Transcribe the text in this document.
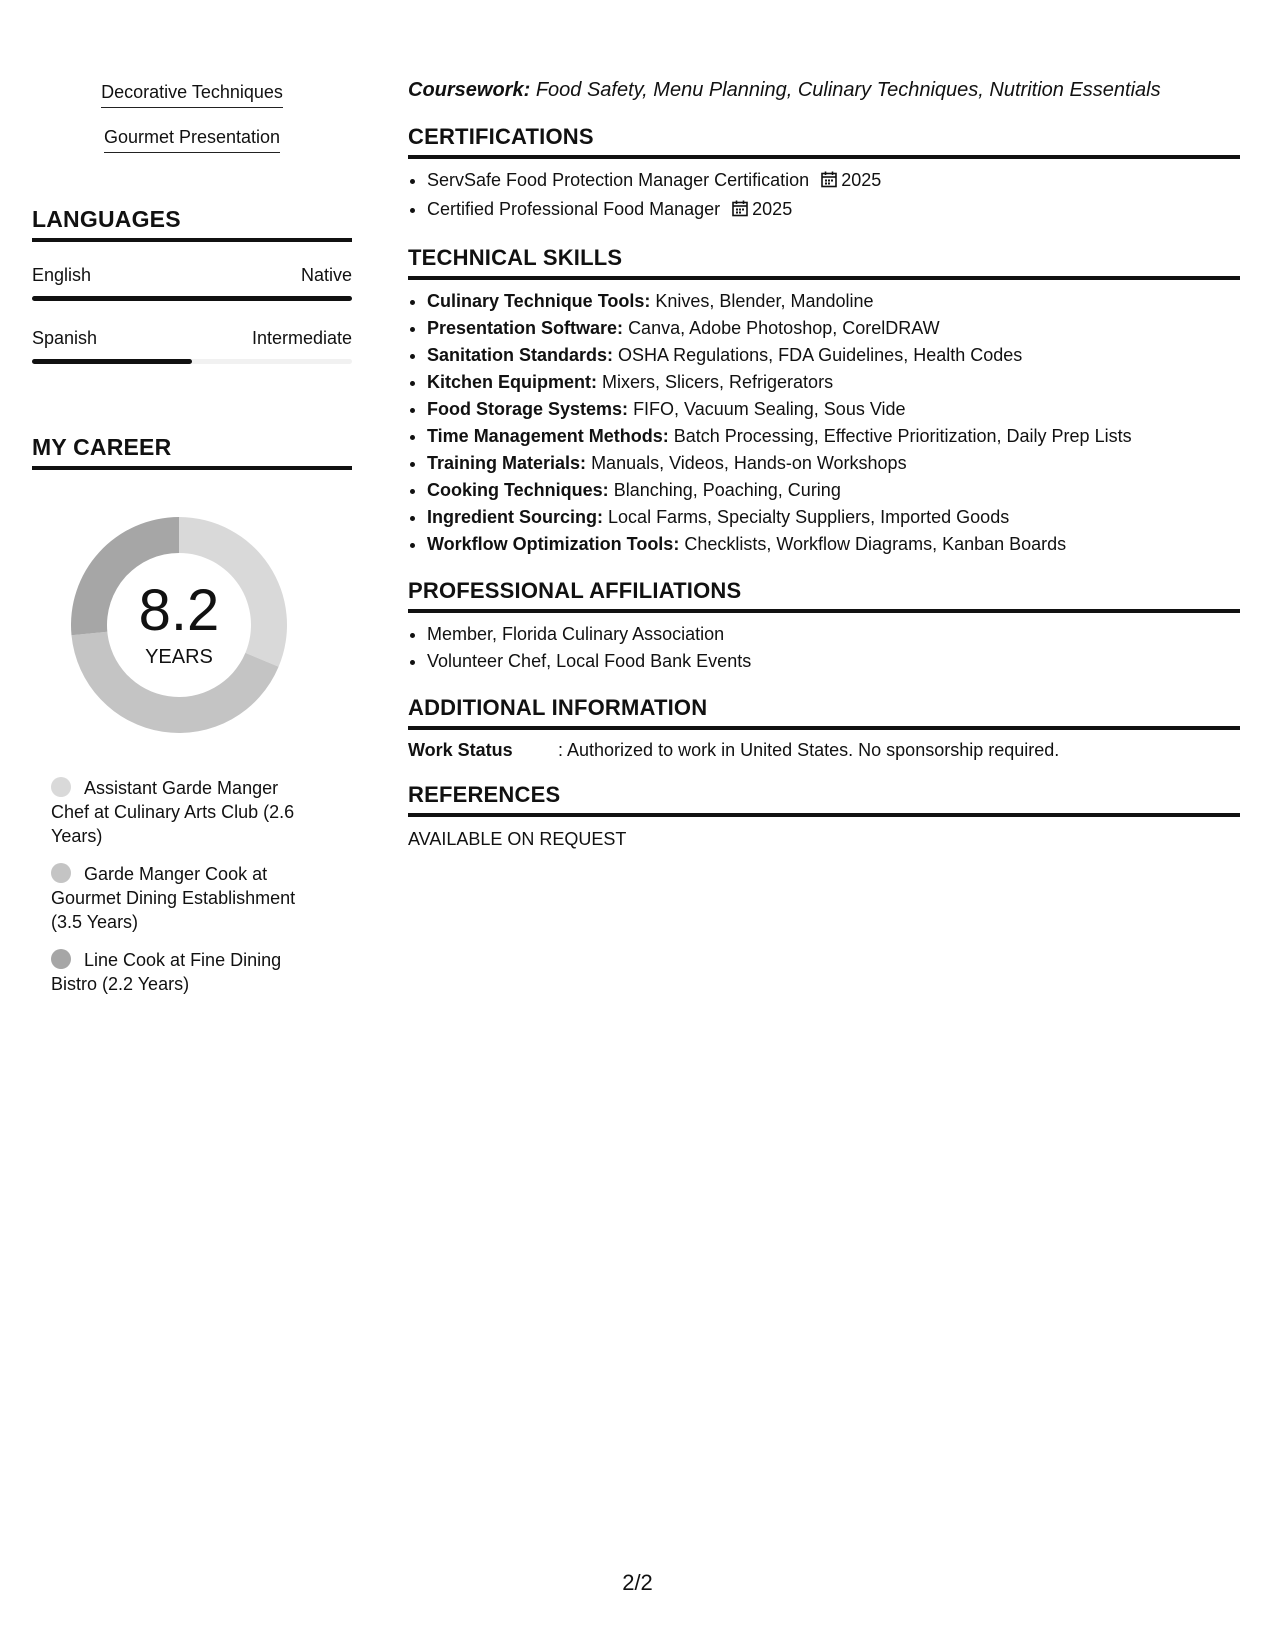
Decorative Techniques
Gourmet Presentation
LANGUAGES
English	Native
Spanish	Intermediate
MY CAREER
8.2
YEARS
Assistant Garde Manger Chef at Culinary Arts Club (2.6 Years)
Garde Manger Cook at Gourmet Dining Establishment (3.5 Years)
Line Cook at Fine Dining Bistro (2.2 Years)
Coursework: Food Safety, Menu Planning, Culinary Techniques, Nutrition Essentials
CERTIFICATIONS
• ServSafe Food Protection Manager Certification 2025
• Certified Professional Food Manager 2025
TECHNICAL SKILLS
• Culinary Technique Tools: Knives, Blender, Mandoline
• Presentation Software: Canva, Adobe Photoshop, CorelDRAW
• Sanitation Standards: OSHA Regulations, FDA Guidelines, Health Codes
• Kitchen Equipment: Mixers, Slicers, Refrigerators
• Food Storage Systems: FIFO, Vacuum Sealing, Sous Vide
• Time Management Methods: Batch Processing, Effective Prioritization, Daily Prep Lists
• Training Materials: Manuals, Videos, Hands-on Workshops
• Cooking Techniques: Blanching, Poaching, Curing
• Ingredient Sourcing: Local Farms, Specialty Suppliers, Imported Goods
• Workflow Optimization Tools: Checklists, Workflow Diagrams, Kanban Boards
PROFESSIONAL AFFILIATIONS
• Member, Florida Culinary Association
• Volunteer Chef, Local Food Bank Events
ADDITIONAL INFORMATION
Work Status	: Authorized to work in United States. No sponsorship required.
REFERENCES
AVAILABLE ON REQUEST
2/2
